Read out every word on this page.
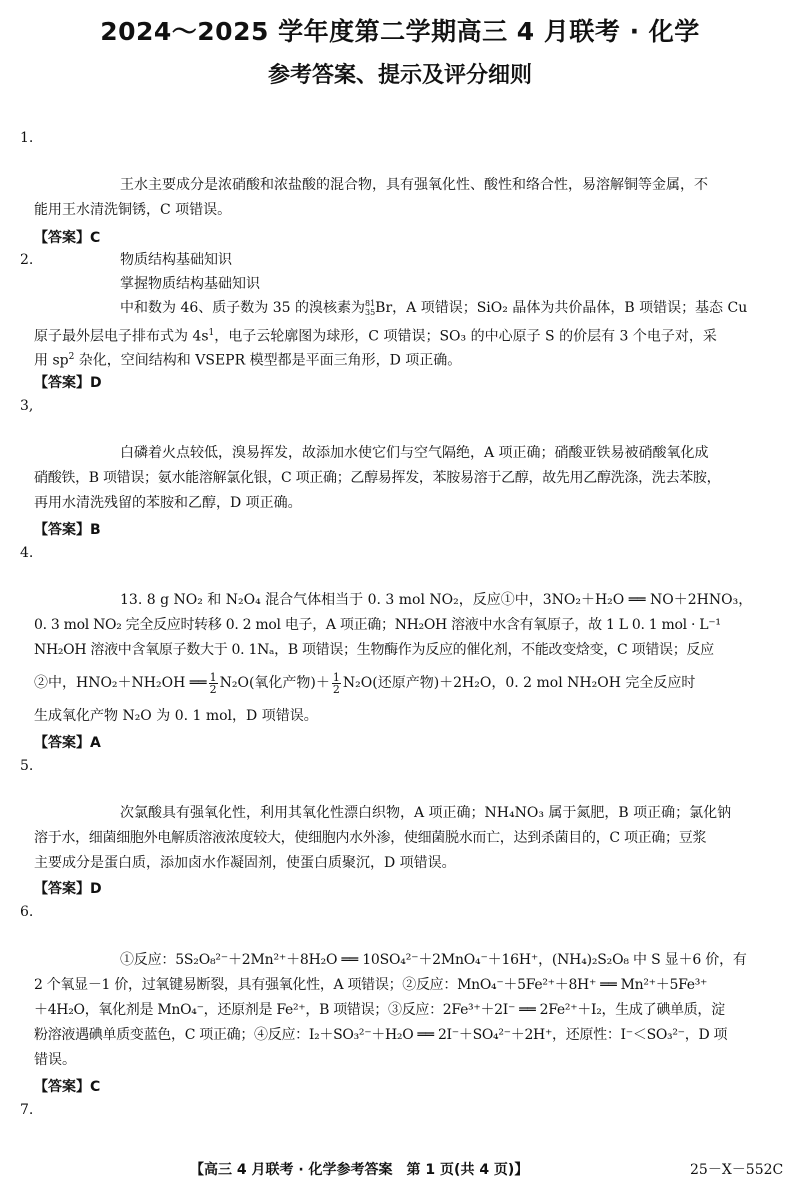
2024～2025 学年度第二学期高三 4 月联考 · 化学
参考答案、提示及评分细则
1.
王水主要成分是浓硝酸和浓盐酸的混合物，具有强氧化性、酸性和络合性，易溶解铜等金属，不
能用王水清洗铜锈，C 项错误。
【答案】C
2.	物质结构基础知识
掌握物质结构基础知识
中和数为 46、质子数为 35 的溴核素为 81
35 Br，A 项错误；SiO₂ 晶体为共价晶体，B 项错误；基态 Cu
原子最外层电子排布式为 $4s^1$，电子云轮廓图为球形，C 项错误；SO₃ 的中心原子 S 的价层有 3 个电子对，采
用 $sp^2$ 杂化，空间结构和 VSEPR 模型都是平面三角形，D 项正确。
【答案】D
3,
白磷着火点较低，溴易挥发，故添加水使它们与空气隔绝，A 项正确；硝酸亚铁易被硝酸氧化成
硝酸铁，B 项错误；氨水能溶解氯化银，C 项正确；乙醇易挥发，苯胺易溶于乙醇，故先用乙醇洗涤，洗去苯胺，
再用水清洗残留的苯胺和乙醇，D 项正确。
【答案】B
4.
13. 8 g NO₂ 和 N₂O₄ 混合气体相当于 0. 3 mol NO₂，反应①中，3NO₂＋H₂O ══ NO＋2HNO₃，
0. 3 mol NO₂ 完全反应时转移 0. 2 mol 电子，A 项正确；NH₂OH 溶液中水含有氧原子，故 1 L 0. 1 mol · L⁻¹
NH₂OH 溶液中含氧原子数大于 0. 1Nₐ，B 项错误；生物酶作为反应的催化剂，不能改变焓变，C 项错误；反应
②中，HNO₂＋NH₂OH ══ $\frac{1}{2} N_2O$(氧化产物)＋ $\frac{1}{2} N_2O$(还原产物)＋2H₂O，0. 2 mol NH₂OH 完全反应时
生成氧化产物 N₂O 为 0. 1 mol，D 项错误。
【答案】A
5.
次氯酸具有强氧化性，利用其氧化性漂白织物，A 项正确；NH₄NO₃ 属于氮肥，B 项正确；氯化钠
溶于水，细菌细胞外电解质溶液浓度较大，使细胞内水外渗，使细菌脱水而亡，达到杀菌目的，C 项正确；豆浆
主要成分是蛋白质，添加卤水作凝固剂，使蛋白质聚沉，D 项错误。
【答案】D
6.
①反应：5S₂O₈²⁻＋2Mn²⁺＋8H₂O ══ 10SO₄²⁻＋2MnO₄⁻＋16H⁺，(NH₄)₂S₂O₈ 中 S 显＋6 价，有
2 个氧显－1 价，过氧键易断裂，具有强氧化性，A 项错误；②反应：MnO₄⁻＋5Fe²⁺＋8H⁺ ══ Mn²⁺＋5Fe³⁺
＋4H₂O，氧化剂是 MnO₄⁻，还原剂是 Fe²⁺，B 项错误；③反应：2Fe³⁺＋2I⁻ ══ 2Fe²⁺＋I₂，生成了碘单质，淀
粉溶液遇碘单质变蓝色，C 项正确；④反应：I₂＋SO₃²⁻＋H₂O ══ 2I⁻＋SO₄²⁻＋2H⁺，还原性：I⁻＜SO₃²⁻，D 项
错误。
【答案】C
7.
【高三 4 月联考 · 化学参考答案　第 1 页(共 4 页)】	25－X－552C
